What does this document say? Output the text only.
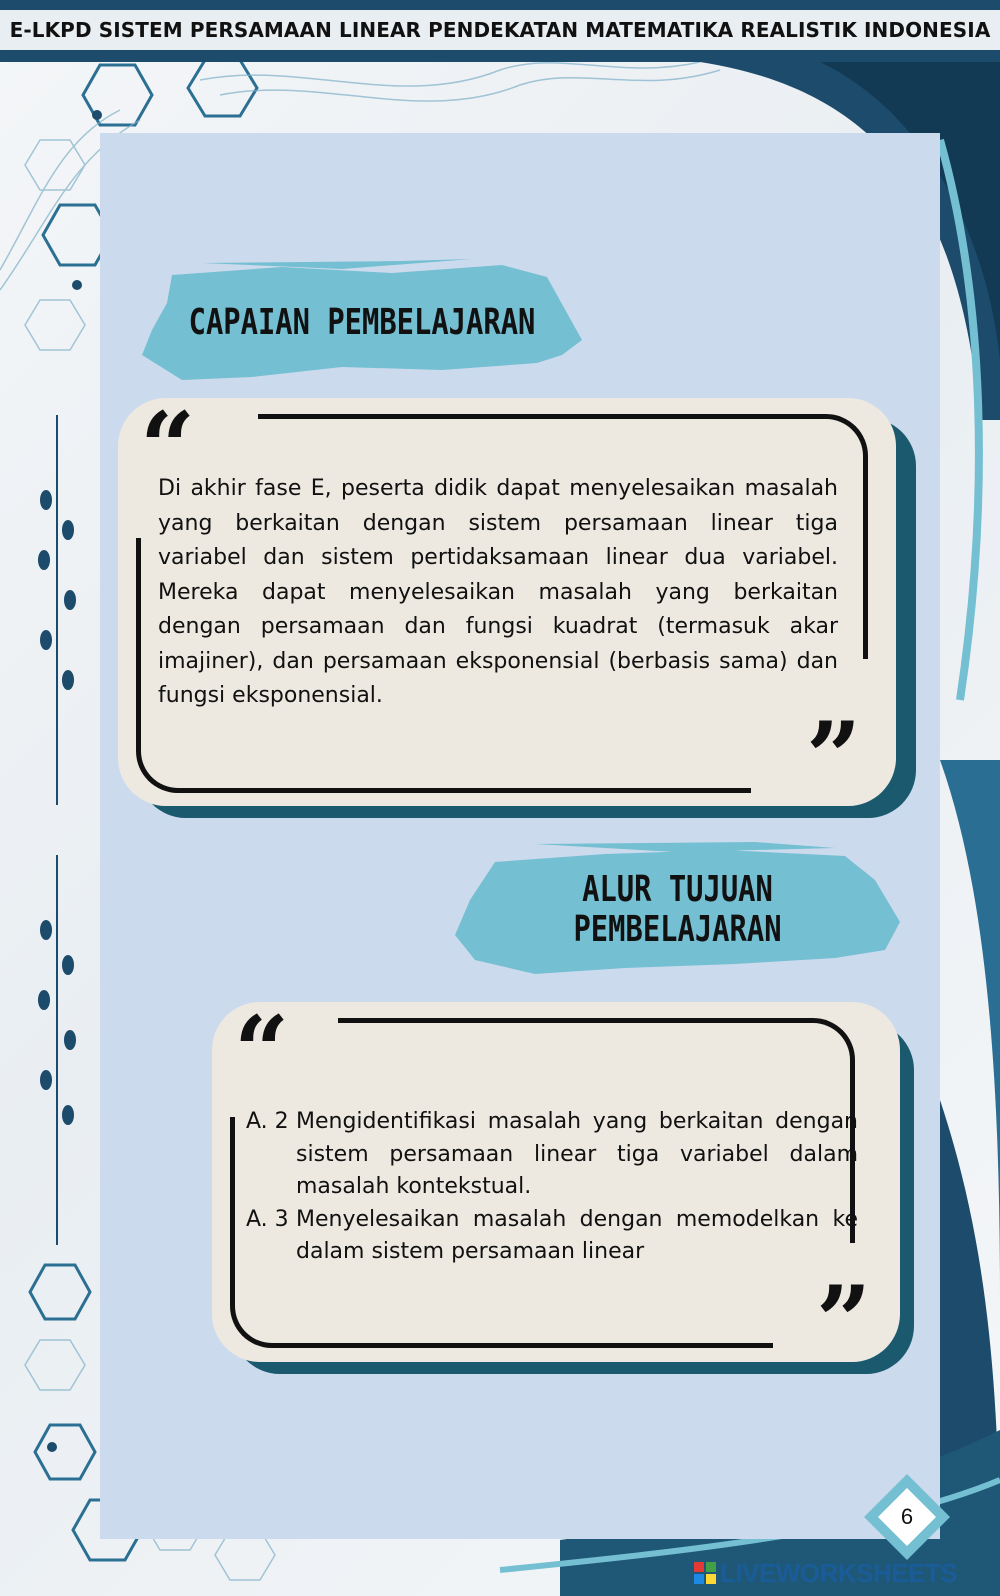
E-LKPD SISTEM PERSAMAAN LINEAR PENDEKATAN MATEMATIKA REALISTIK INDONESIA
CAPAIAN PEMBELAJARAN
“
”
Di akhir fase E, peserta didik dapat menyelesaikan masalah yang berkaitan dengan sistem persamaan linear tiga variabel dan sistem pertidaksamaan linear dua variabel. Mereka dapat menyelesaikan masalah yang berkaitan dengan persamaan dan fungsi kuadrat (termasuk akar imajiner), dan persamaan eksponensial (berbasis sama) dan fungsi eksponensial.
ALUR TUJUAN
PEMBELAJARAN
“
”
A. 2 Mengidentifikasi masalah yang berkaitan dengan sistem persamaan linear tiga variabel dalam masalah kontekstual.
A. 3 Menyelesaikan masalah dengan memodelkan ke dalam sistem persamaan linear
6
LIVEWORKSHEETS
